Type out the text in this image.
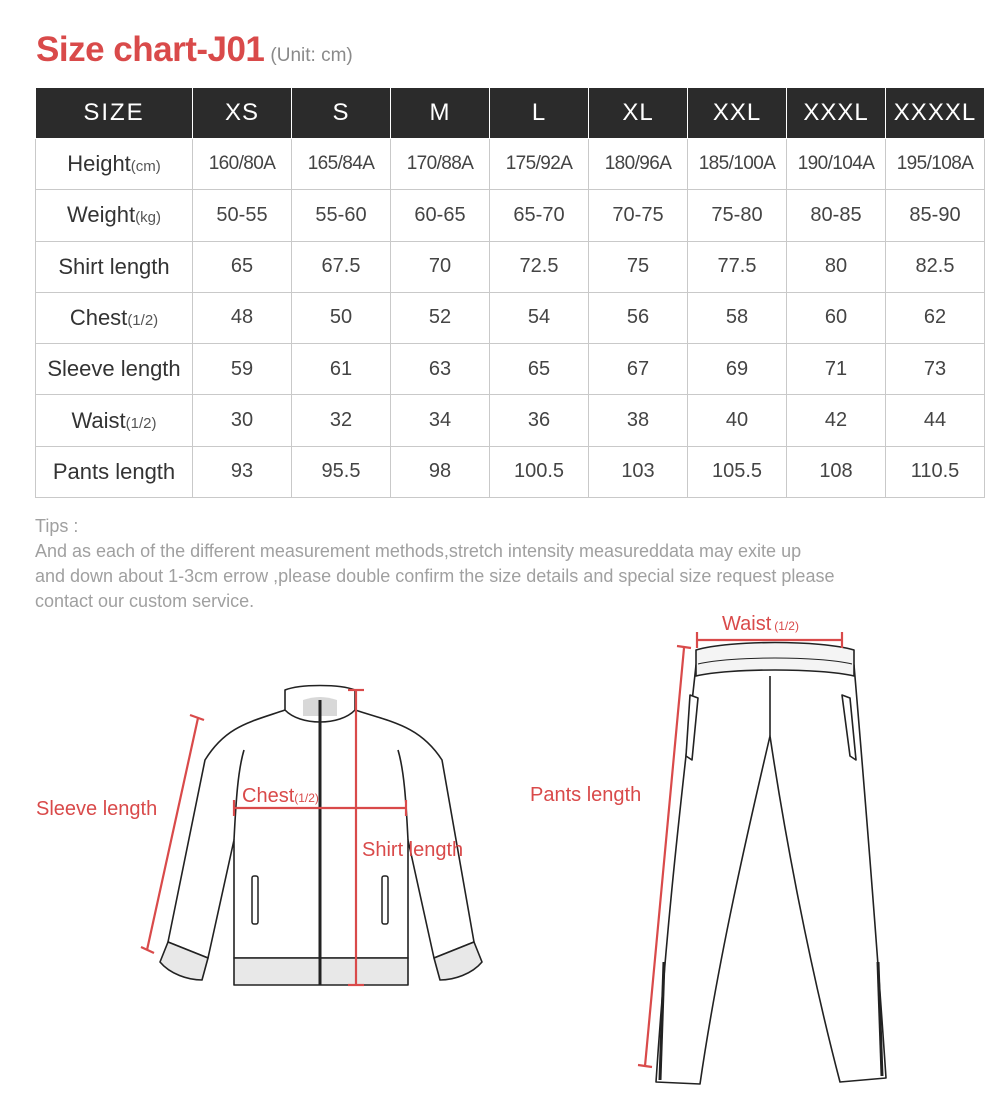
Size chart-J01 (Unit: cm)
SIZE	XS	S	M	L	XL	XXL	XXXL	XXXXL
Height(cm)	160/80A	165/84A	170/88A	175/92A	180/96A	185/100A	190/104A	195/108A
Weight(kg)	50-55	55-60	60-65	65-70	70-75	75-80	80-85	85-90
Shirt length	65	67.5	70	72.5	75	77.5	80	82.5
Chest(1/2)	48	50	52	54	56	58	60	62
Sleeve length	59	61	63	65	67	69	71	73
Waist(1/2)	30	32	34	36	38	40	42	44
Pants length	93	95.5	98	100.5	103	105.5	108	110.5

Tips :

And as each of the different measurement methods,stretch intensity measureddata may exite up

and down about 1-3cm errow ,please double confirm the size details and special size request please

contact our custom service.

Sleeve length
Chest(1/2)
Shirt length
Waist (1/2)
Pants length
